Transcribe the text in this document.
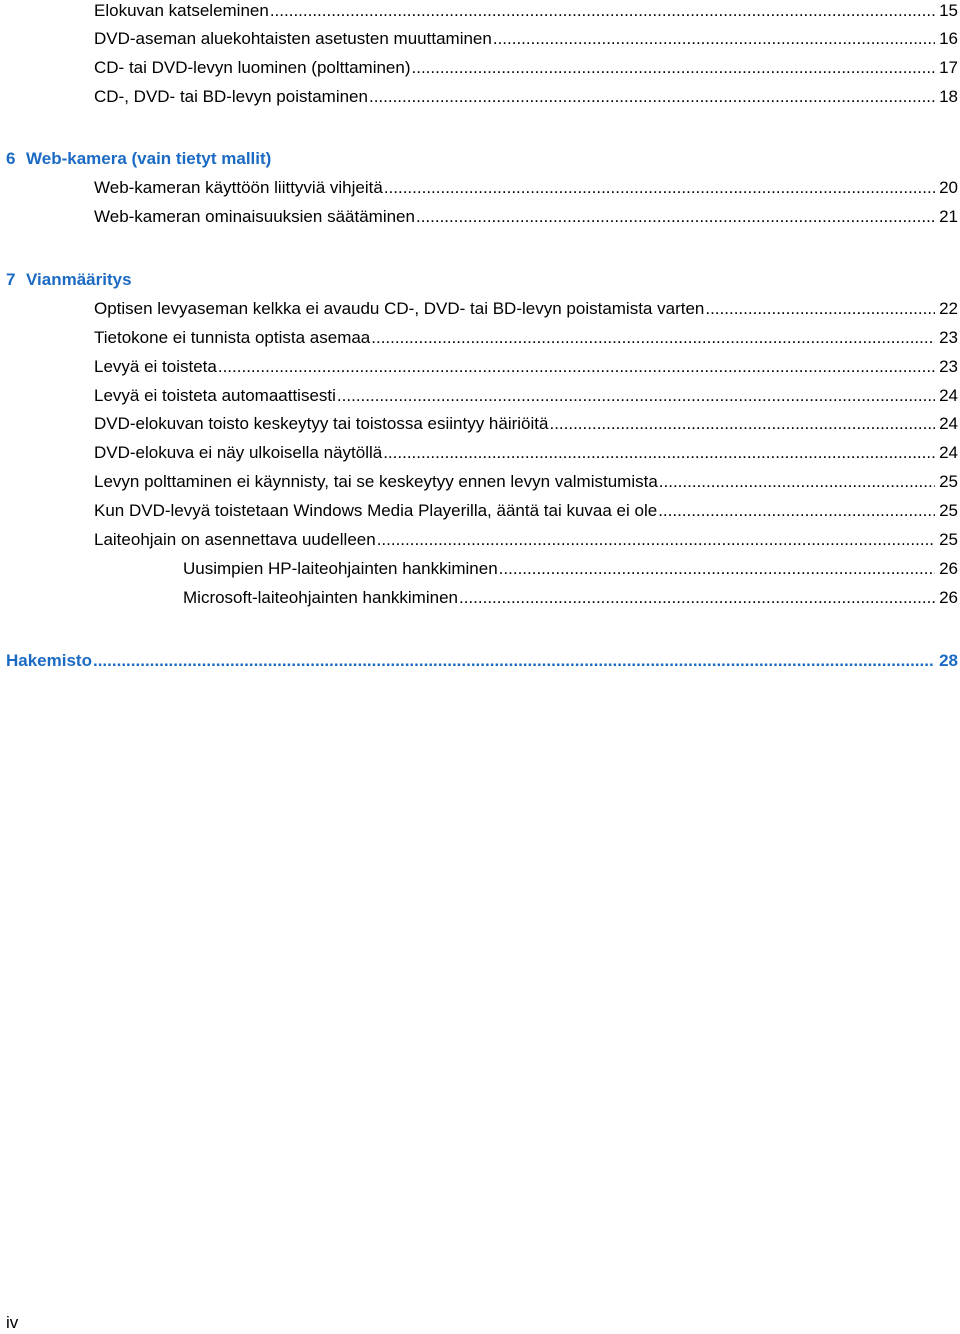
Elokuvan katseleminen .....	15
DVD-aseman aluekohtaisten asetusten muuttaminen .....	16
CD- tai DVD-levyn luominen (polttaminen) .....	17
CD-, DVD- tai BD-levyn poistaminen .....	18
6 Web-kamera (vain tietyt mallit)
Web-kameran käyttöön liittyviä vihjeitä .....	20
Web-kameran ominaisuuksien säätäminen .....	21
7 Vianmääritys
Optisen levyaseman kelkka ei avaudu CD-, DVD- tai BD-levyn poistamista varten .....	22
Tietokone ei tunnista optista asemaa .....	23
Levyä ei toisteta .....	23
Levyä ei toisteta automaattisesti .....	24
DVD-elokuvan toisto keskeytyy tai toistossa esiintyy häiriöitä .....	24
DVD-elokuva ei näy ulkoisella näytöllä .....	24
Levyn polttaminen ei käynnisty, tai se keskeytyy ennen levyn valmistumista .....	25
Kun DVD-levyä toistetaan Windows Media Playerilla, ääntä tai kuvaa ei ole .....	25
Laiteohjain on asennettava uudelleen .....	25
Uusimpien HP-laiteohjainten hankkiminen .....	26
Microsoft-laiteohjainten hankkiminen .....	26
Hakemisto .....	28
iv
